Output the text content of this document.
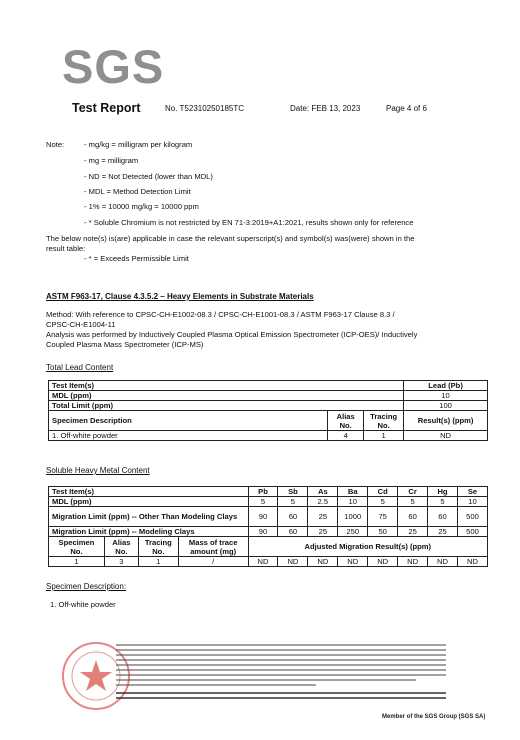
SGS
Test Report	No. T52310250185TC	Date: FEB 13, 2023	Page 4 of 6
Note:	- mg/kg = milligram per kilogram
- mg = milligram
- ND = Not Detected (lower than MDL)
- MDL = Method Detection Limit
- 1% = 10000 mg/kg = 10000 ppm
- * Soluble Chromium is not restricted by EN 71-3:2019+A1:2021, results shown only for reference
The below note(s) is(are) applicable in case the relevant superscript(s) and symbol(s) was(were) shown in the
result table:
- * = Exceeds Permissible Limit
ASTM F963-17, Clause 4.3.5.2 – Heavy Elements in Substrate Materials
Method: With reference to CPSC-CH-E1002-08.3 / CPSC-CH-E1001-08.3 / ASTM F963-17 Clause 8.3 /
CPSC-CH-E1004-11
Analysis was performed by Inductively Coupled Plasma Optical Emission Spectrometer (ICP-OES)/ Inductively
Coupled Plasma Mass Spectrometer (ICP-MS)
Total Lead Content
Test Item(s)			Lead (Pb)
MDL (ppm)			10
Total Limit (ppm)			100
Specimen Description	Alias No.	Tracing No.	Result(s) (ppm)
1. Off-white powder	4	1	ND
Soluble Heavy Metal Content
Test Item(s)				Pb	Sb	As	Ba	Cd	Cr	Hg	Se
MDL (ppm)				5	5	2.5	10	5	5	5	10
Migration Limit (ppm) -- Other Than Modeling Clays				90	60	25	1000	75	60	60	500
Migration Limit (ppm) -- Modeling Clays				90	60	25	250	50	25	25	500
Specimen No.	Alias No.	Tracing No.	Mass of trace amount (mg)	Adjusted Migration Result(s) (ppm)							
1	3	1	/	ND	ND	ND	ND	ND	ND	ND	ND
Specimen Description:
1. Off-white powder
Member of the SGS Group (SGS SA)
